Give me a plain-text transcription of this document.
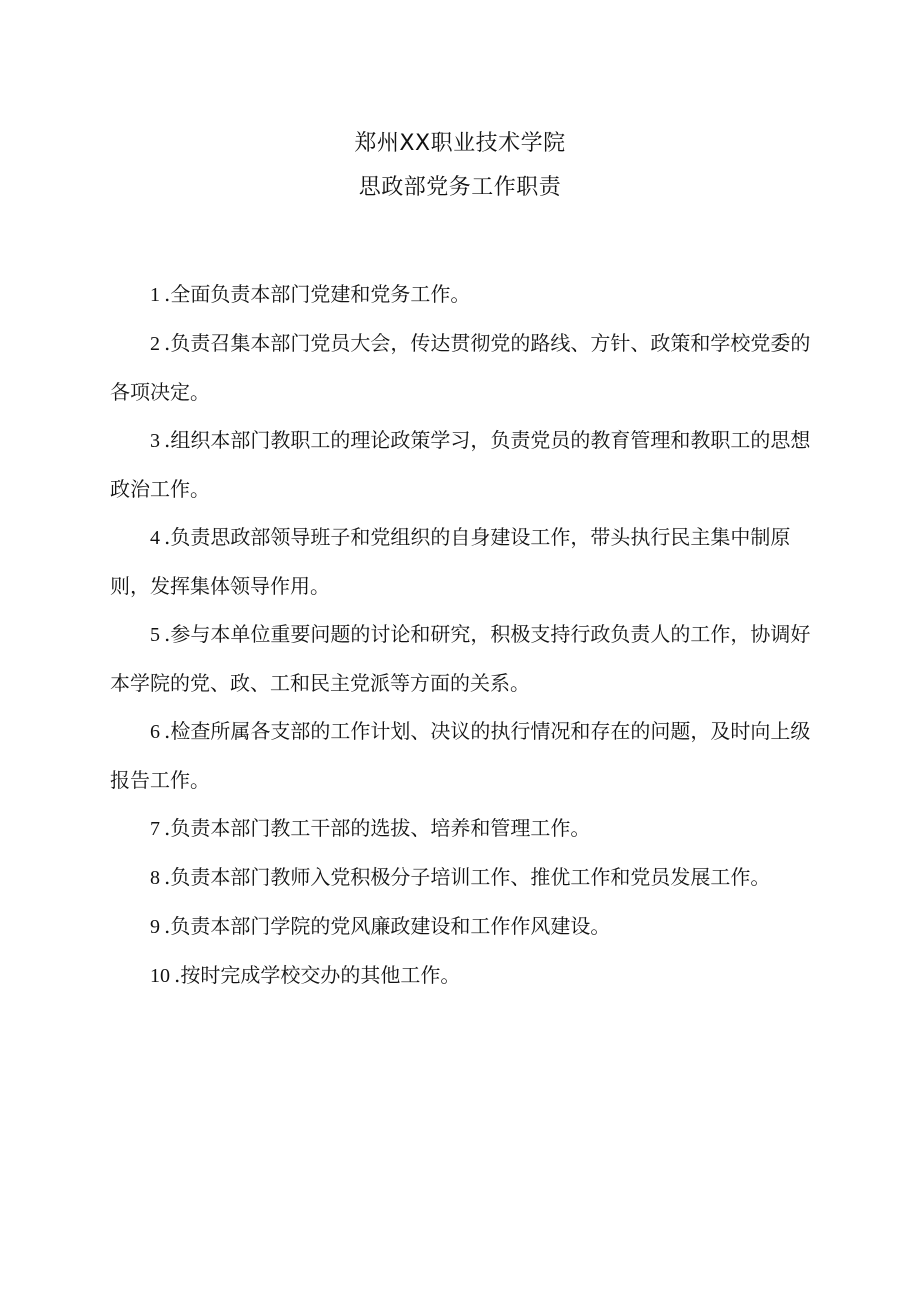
郑州XX职业技术学院
思政部党务工作职责

1 .全面负责本部门党建和党务工作。

2 .负责召集本部门党员大会，传达贯彻党的路线、方针、政策和学校党委的各项决定。

3 .组织本部门教职工的理论政策学习，负责党员的教育管理和教职工的思想政治工作。

4 .负责思政部领导班子和党组织的自身建设工作，带头执行民主集中制原则，发挥集体领导作用。

5 .参与本单位重要问题的讨论和研究，积极支持行政负责人的工作，协调好本学院的党、政、工和民主党派等方面的关系。

6 .检查所属各支部的工作计划、决议的执行情况和存在的问题，及时向上级报告工作。

7 .负责本部门教工干部的选拔、培养和管理工作。

8 .负责本部门教师入党积极分子培训工作、推优工作和党员发展工作。

9 .负责本部门学院的党风廉政建设和工作作风建设。

10 .按时完成学校交办的其他工作。
